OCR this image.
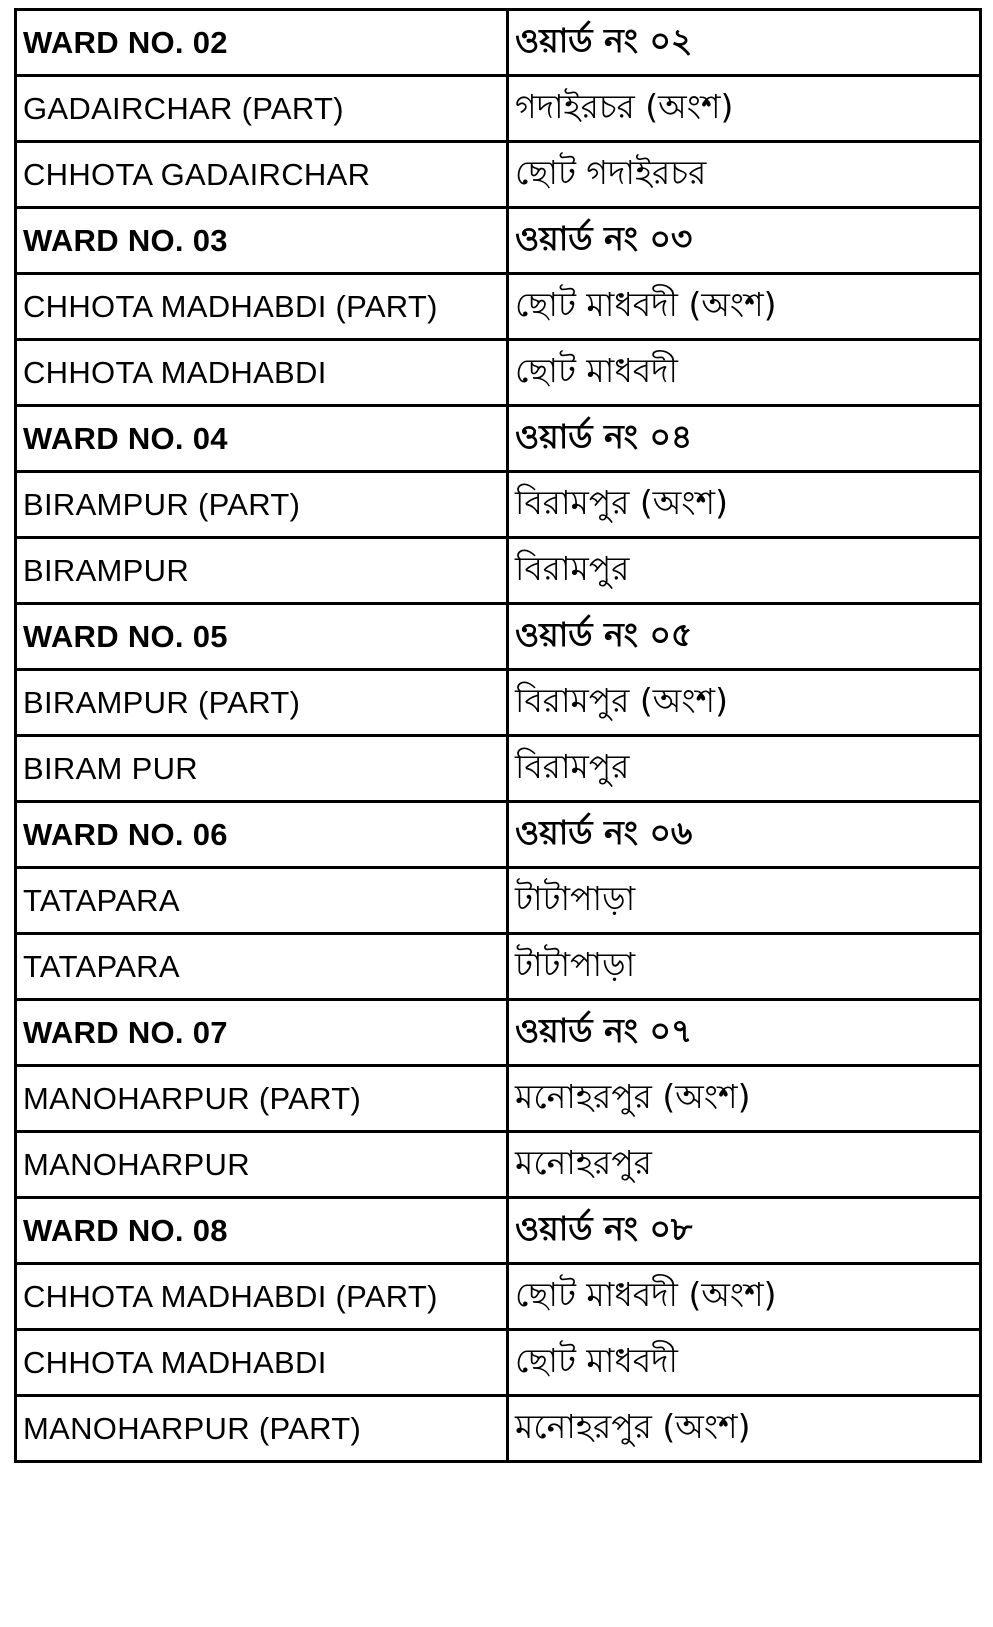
WARD NO. 02	ওয়ার্ড নং ০২
GADAIRCHAR (PART)	গদাইরচর (অংশ)
CHHOTA GADAIRCHAR	ছোট গদাইরচর
WARD NO. 03	ওয়ার্ড নং ০৩
CHHOTA MADHABDI (PART)	ছোট মাধবদী (অংশ)
CHHOTA MADHABDI	ছোট মাধবদী
WARD NO. 04	ওয়ার্ড নং ০৪
BIRAMPUR (PART)	বিরামপুর (অংশ)
BIRAMPUR	বিরামপুর
WARD NO. 05	ওয়ার্ড নং ০৫
BIRAMPUR (PART)	বিরামপুর (অংশ)
BIRAM PUR	বিরামপুর
WARD NO. 06	ওয়ার্ড নং ০৬
TATAPARA	টাটাপাড়া
TATAPARA	টাটাপাড়া
WARD NO. 07	ওয়ার্ড নং ০৭
MANOHARPUR (PART)	মনোহরপুর (অংশ)
MANOHARPUR	মনোহরপুর
WARD NO. 08	ওয়ার্ড নং ০৮
CHHOTA MADHABDI (PART)	ছোট মাধবদী (অংশ)
CHHOTA MADHABDI	ছোট মাধবদী
MANOHARPUR (PART)	মনোহরপুর (অংশ)
